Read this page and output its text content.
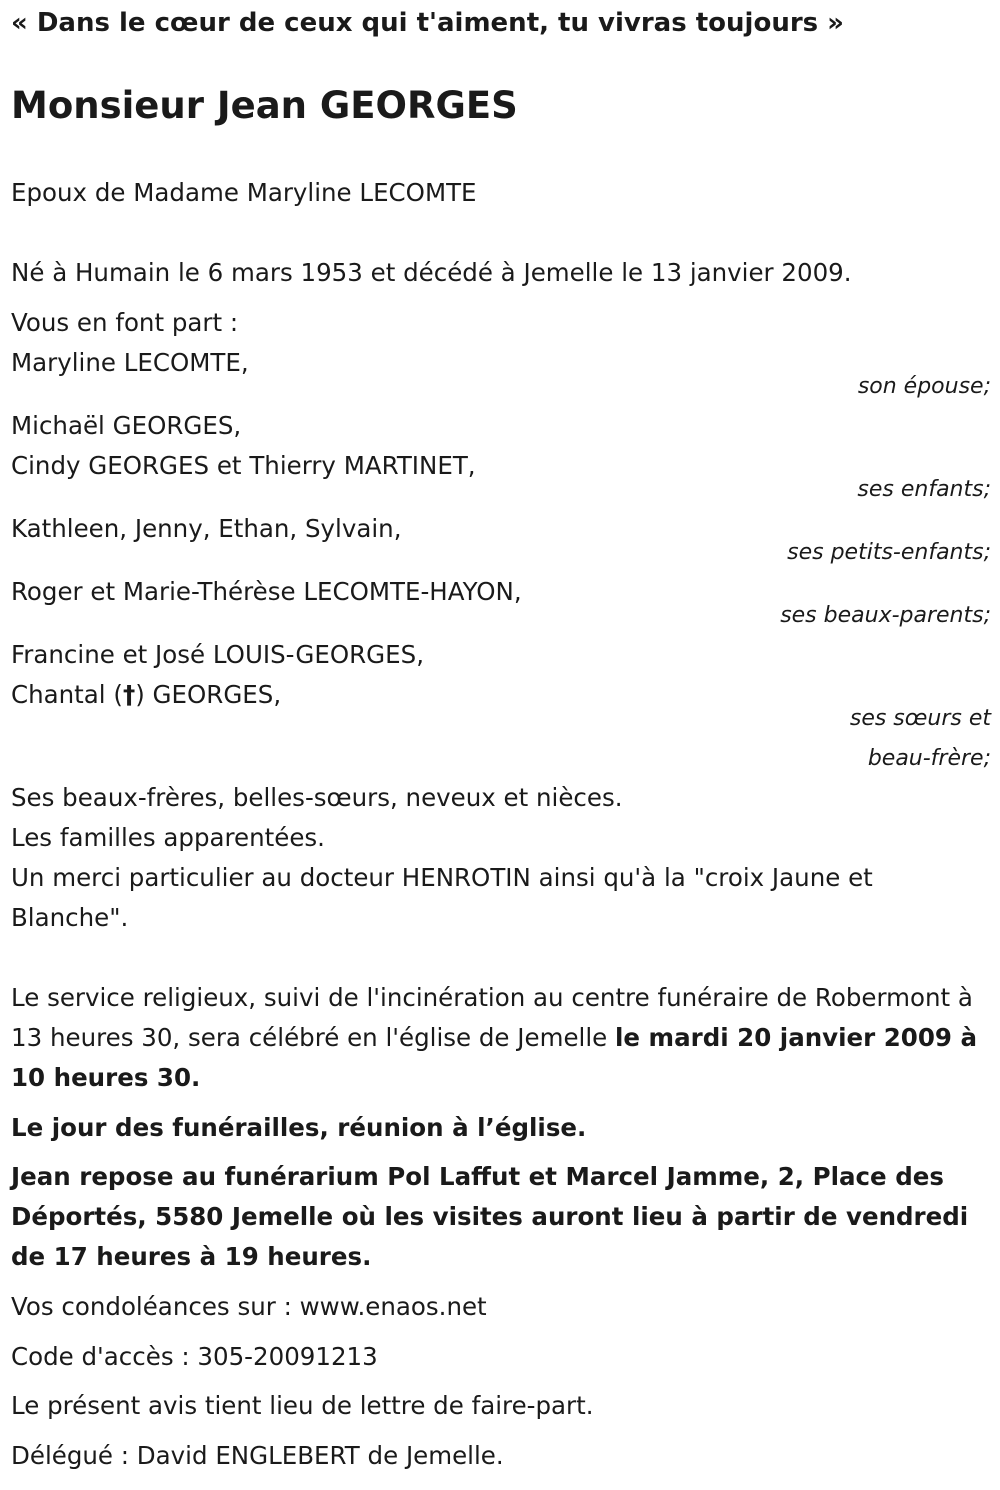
« Dans le cœur de ceux qui t'aiment, tu vivras toujours »
Monsieur Jean GEORGES
Epoux de Madame Maryline LECOMTE
Né à Humain le 6 mars 1953 et décédé à Jemelle le 13 janvier 2009.
Vous en font part :
Maryline LECOMTE,
son épouse;
Michaël GEORGES,
Cindy GEORGES et Thierry MARTINET,
ses enfants;
Kathleen, Jenny, Ethan, Sylvain,
ses petits-enfants;
Roger et Marie-Thérèse LECOMTE-HAYON,
ses beaux-parents;
Francine et José LOUIS-GEORGES,
Chantal (†) GEORGES,
ses sœurs et
beau-frère;
Ses beaux-frères, belles-sœurs, neveux et nièces.
Les familles apparentées.
Un merci particulier au docteur HENROTIN ainsi qu'à la "croix Jaune et Blanche".
Le service religieux, suivi de l'incinération au centre funéraire de Robermont à 13 heures 30, sera célébré en l'église de Jemelle le mardi 20 janvier 2009 à 10 heures 30.
Le jour des funérailles, réunion à l’église.
Jean repose au funérarium Pol Laffut et Marcel Jamme, 2, Place des Déportés, 5580 Jemelle où les visites auront lieu à partir de vendredi de 17 heures à 19 heures.
Vos condoléances sur : www.enaos.net
Code d'accès : 305-20091213
Le présent avis tient lieu de lettre de faire-part.
Délégué : David ENGLEBERT de Jemelle.
